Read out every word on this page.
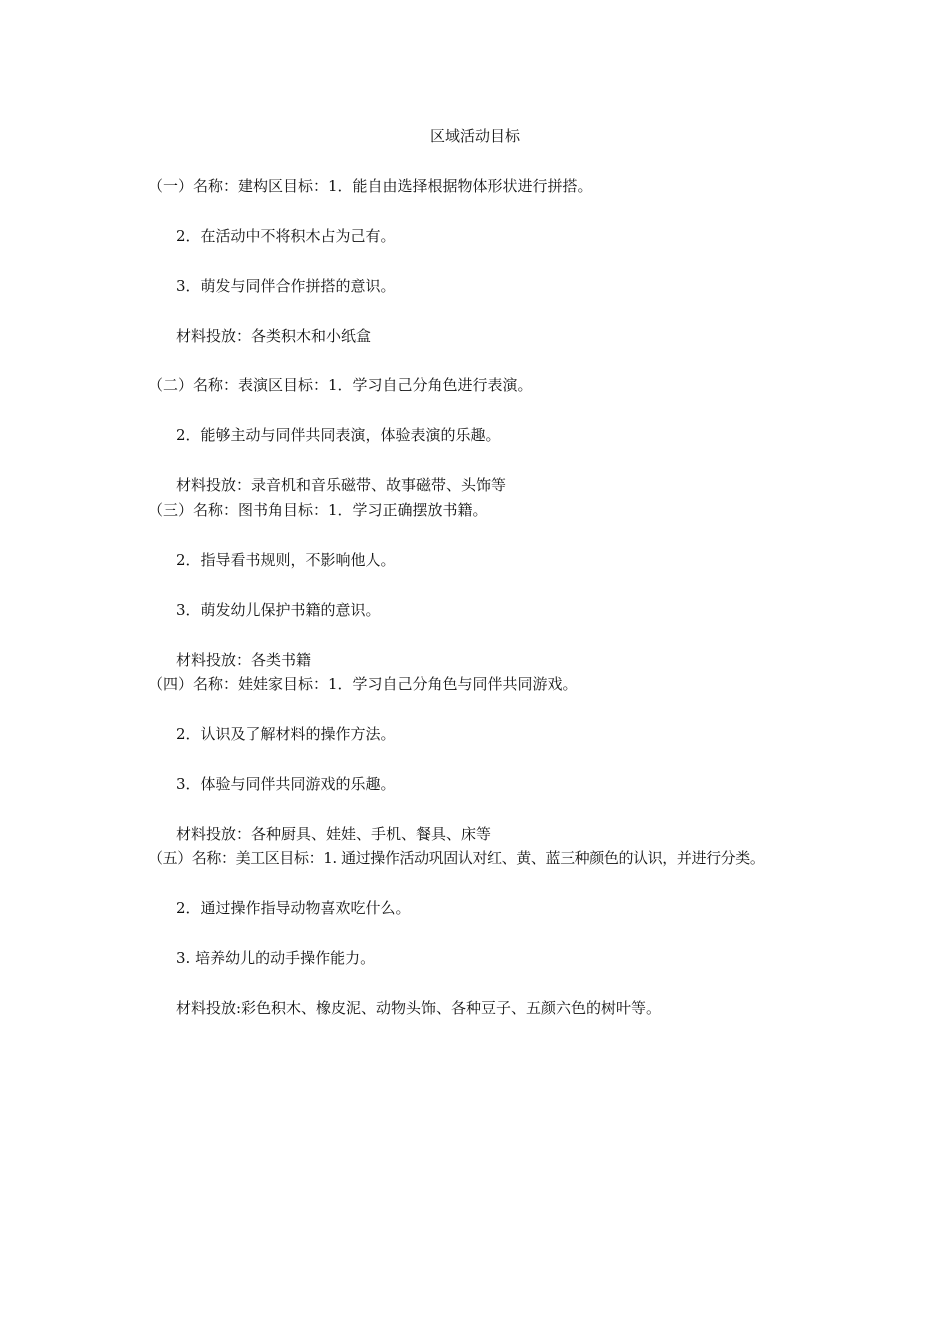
区域活动目标
（一）名称：建构区目标：1．能自由选择根据物体形状进行拼搭。
2．在活动中不将积木占为己有。
3．萌发与同伴合作拼搭的意识。
材料投放：各类积木和小纸盒
（二）名称：表演区目标：1．学习自己分角色进行表演。
2．能够主动与同伴共同表演，体验表演的乐趣。
材料投放：录音机和音乐磁带、故事磁带、头饰等
（三）名称：图书角目标：1．学习正确摆放书籍。
2．指导看书规则，不影响他人。
3．萌发幼儿保护书籍的意识。
材料投放：各类书籍
（四）名称：娃娃家目标：1．学习自己分角色与同伴共同游戏。
2．认识及了解材料的操作方法。
3．体验与同伴共同游戏的乐趣。
材料投放：各种厨具、娃娃、手机、餐具、床等
（五）名称：美工区目标：1. 通过操作活动巩固认对红、黄、蓝三种颜色的认识，并进行分类。
2．通过操作指导动物喜欢吃什么。
3. 培养幼儿的动手操作能力。
材料投放:彩色积木、橡皮泥、动物头饰、各种豆子、五颜六色的树叶等。
